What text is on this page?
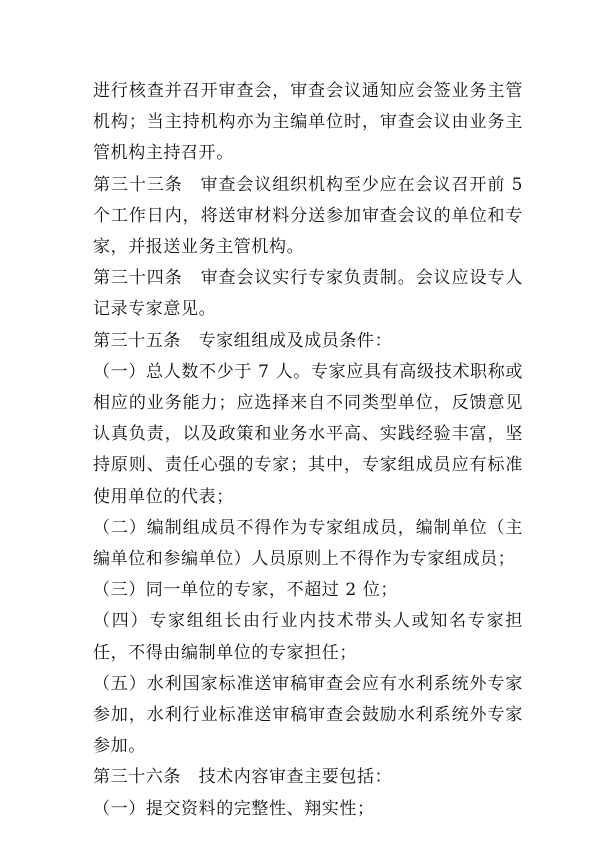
进行核查并召开审查会，审查会议通知应会签业务主管机构；当主持机构亦为主编单位时，审查会议由业务主管机构主持召开。

第三十三条　审查会议组织机构至少应在会议召开前 5 个工作日内，将送审材料分送参加审查会议的单位和专家，并报送业务主管机构。

第三十四条　审查会议实行专家负责制。会议应设专人记录专家意见。

第三十五条　专家组组成及成员条件：

（一）总人数不少于 7 人。专家应具有高级技术职称或相应的业务能力；应选择来自不同类型单位，反馈意见认真负责，以及政策和业务水平高、实践经验丰富，坚持原则、责任心强的专家；其中，专家组成员应有标准使用单位的代表；

（二）编制组成员不得作为专家组成员，编制单位（主编单位和参编单位）人员原则上不得作为专家组成员；

（三）同一单位的专家，不超过 2 位；

（四）专家组组长由行业内技术带头人或知名专家担任，不得由编制单位的专家担任；

（五）水利国家标准送审稿审查会应有水利系统外专家参加，水利行业标准送审稿审查会鼓励水利系统外专家参加。

第三十六条　技术内容审查主要包括：

（一）提交资料的完整性、翔实性；
